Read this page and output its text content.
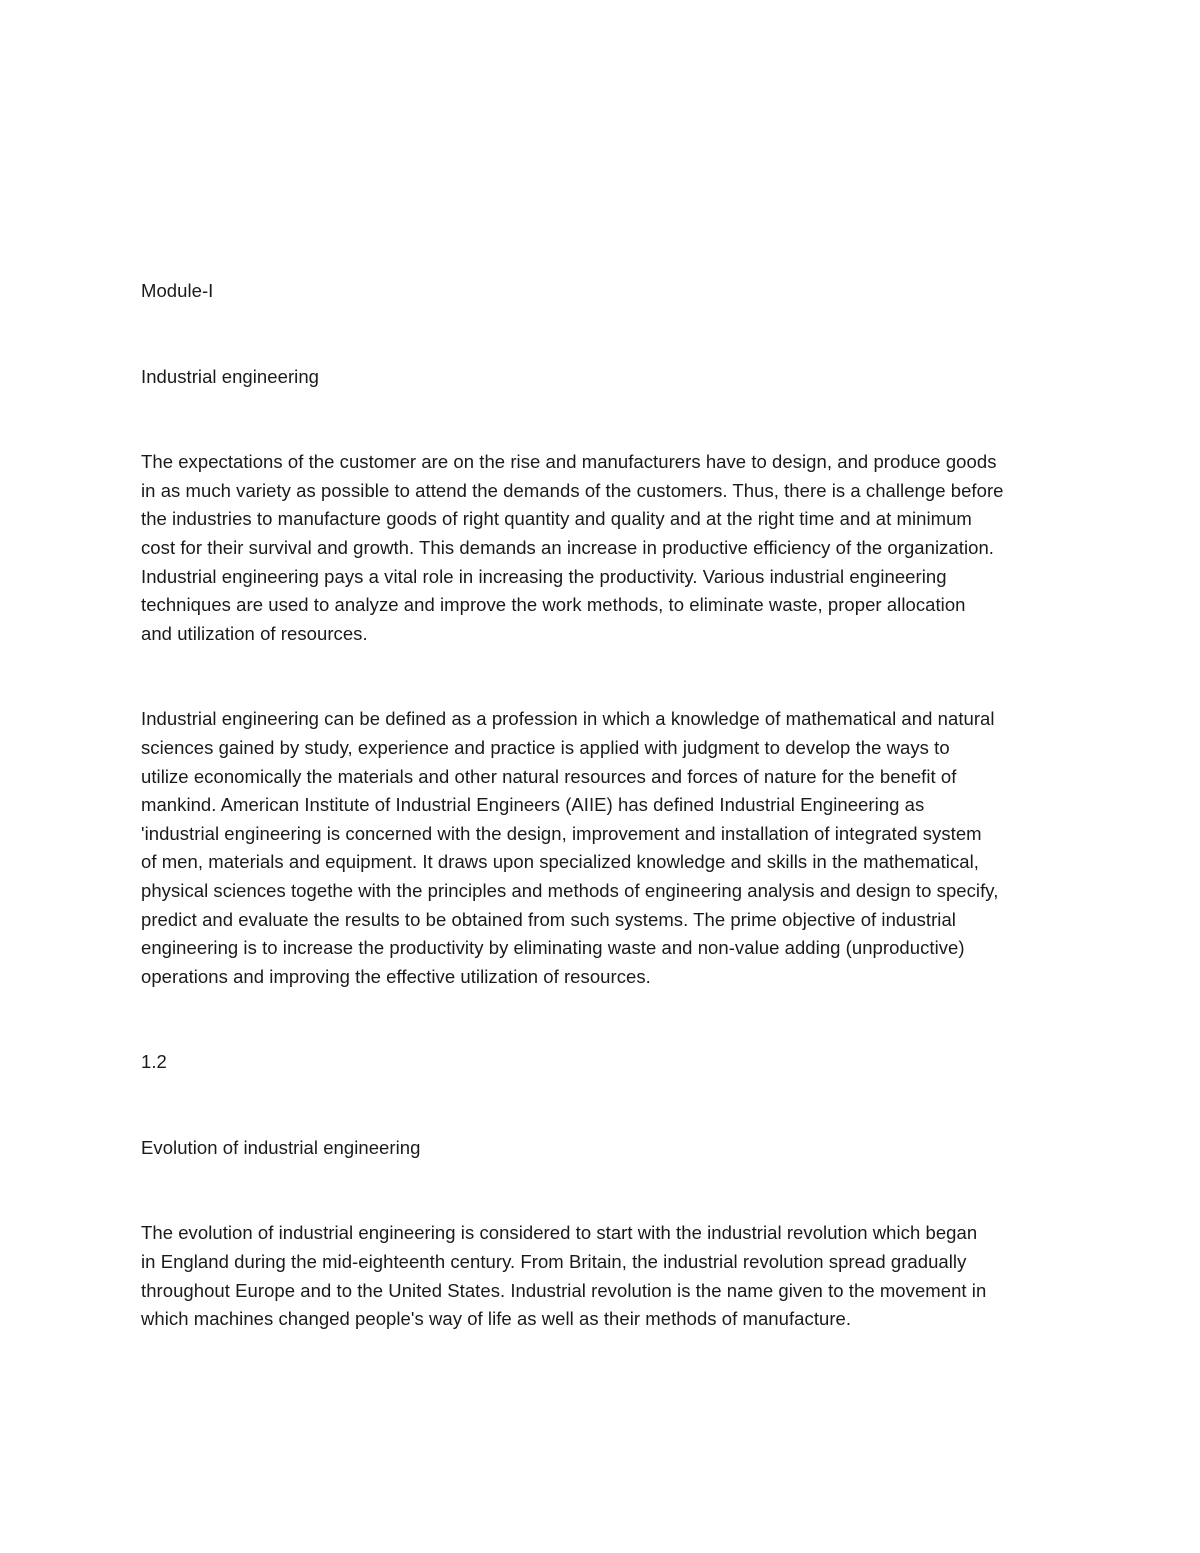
Module-I
Industrial engineering
The expectations of the customer are on the rise and manufacturers have to design, and produce goods
in as much variety as possible to attend the demands of the customers. Thus, there is a challenge before
the industries to manufacture goods of right quantity and quality and at the right time and at minimum
cost for their survival and growth. This demands an increase in productive efficiency of the organization.
Industrial engineering pays a vital role in increasing the productivity. Various industrial engineering
techniques are used to analyze and improve the work methods, to eliminate waste, proper allocation
and utilization of resources.
Industrial engineering can be defined as a profession in which a knowledge of mathematical and natural
sciences gained by study, experience and practice is applied with judgment to develop the ways to
utilize economically the materials and other natural resources and forces of nature for the benefit of
mankind. American Institute of Industrial Engineers (AIIE) has defined Industrial Engineering as
'industrial engineering is concerned with the design, improvement and installation of integrated system
of men, materials and equipment. It draws upon specialized knowledge and skills in the mathematical,
physical sciences togethe with the principles and methods of engineering analysis and design to specify,
predict and evaluate the results to be obtained from such systems. The prime objective of industrial
engineering is to increase the productivity by eliminating waste and non-value adding (unproductive)
operations and improving the effective utilization of resources.
1.2
Evolution of industrial engineering
The evolution of industrial engineering is considered to start with the industrial revolution which began
in England during the mid-eighteenth century. From Britain, the industrial revolution spread gradually
throughout Europe and to the United States. Industrial revolution is the name given to the movement in
which machines changed people's way of life as well as their methods of manufacture.
